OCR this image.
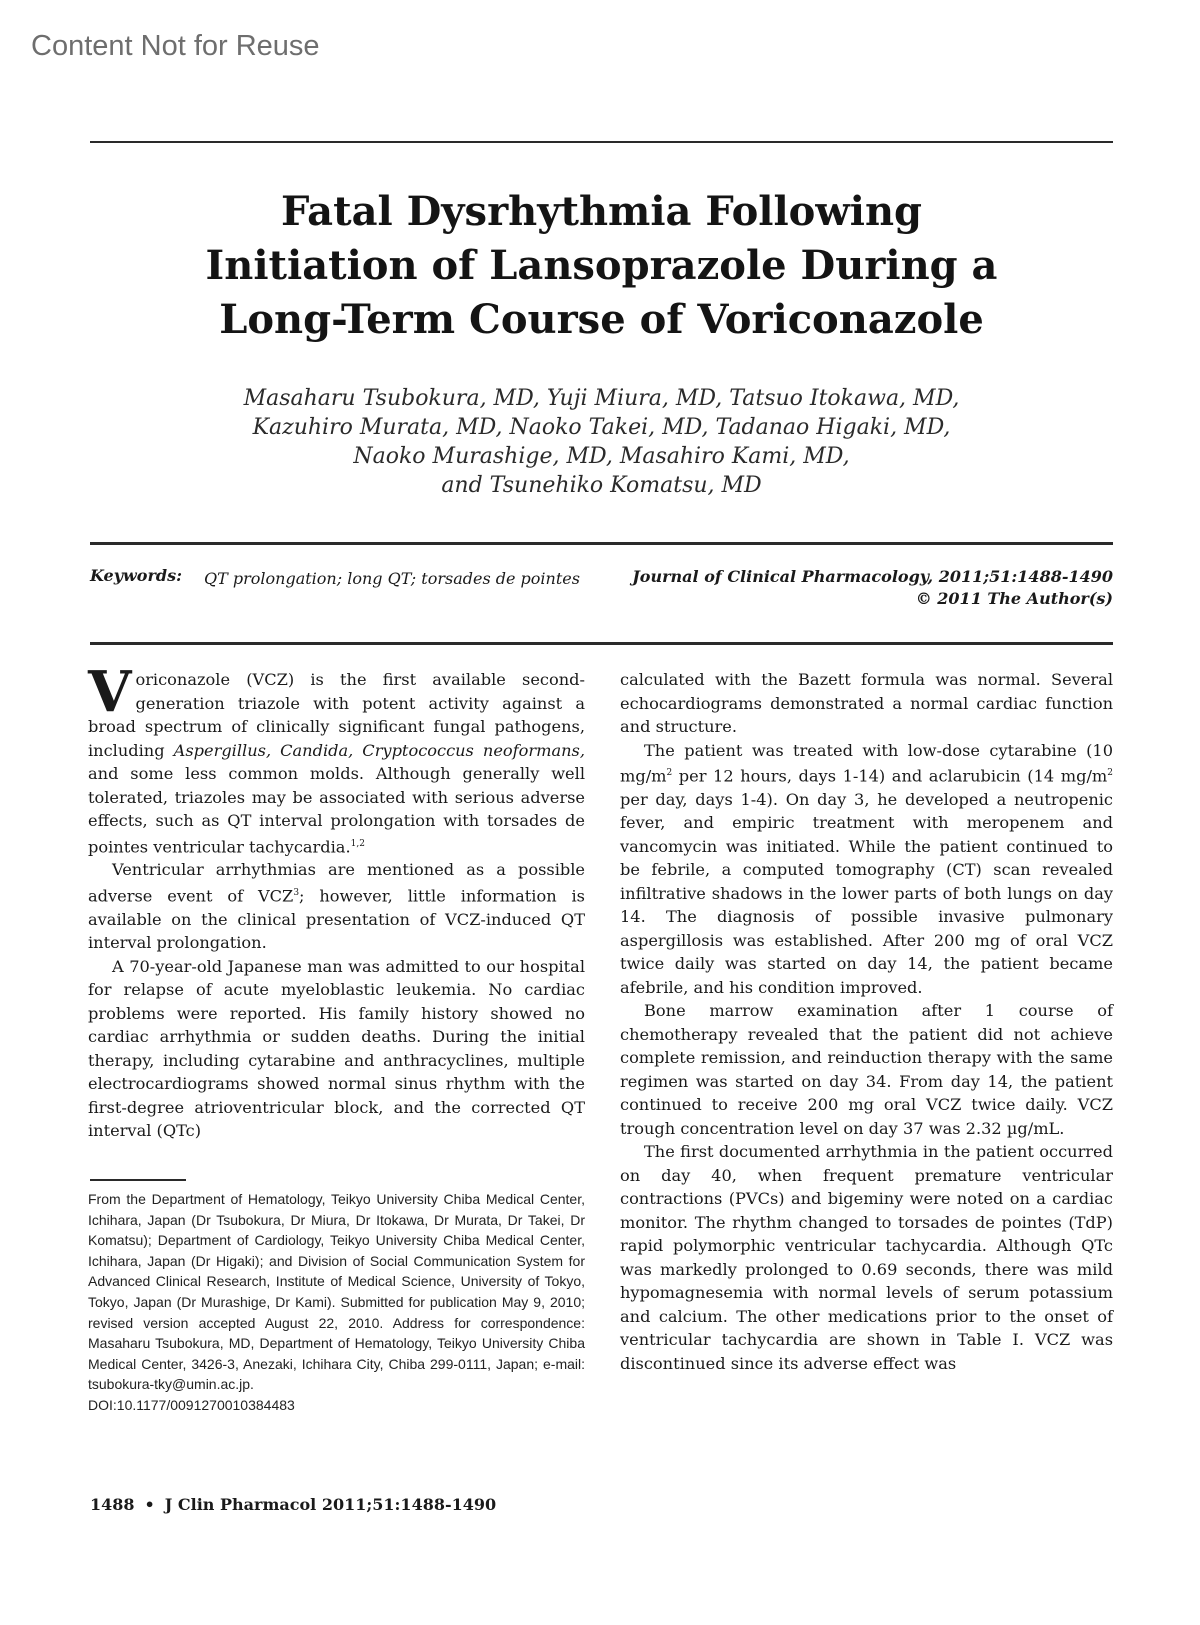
Content Not for Reuse
Fatal Dysrhythmia Following
Initiation of Lansoprazole During a
Long-Term Course of Voriconazole
Masaharu Tsubokura, MD, Yuji Miura, MD, Tatsuo Itokawa, MD,
Kazuhiro Murata, MD, Naoko Takei, MD, Tadanao Higaki, MD,
Naoko Murashige, MD, Masahiro Kami, MD,
and Tsunehiko Komatsu, MD
Keywords: QT prolongation; long QT; torsades de pointes	Journal of Clinical Pharmacology, 2011;51:1488-1490
© 2011 The Author(s)

Voriconazole (VCZ) is the first available second-generation triazole with potent activity against a broad spectrum of clinically significant fungal pathogens, including Aspergillus, Candida, Cryptococcus neoformans, and some less common molds. Although generally well tolerated, triazoles may be associated with serious adverse effects, such as QT interval prolongation with torsades de pointes ventricular tachycardia.$^{1,2}$

Ventricular arrhythmias are mentioned as a possible adverse event of VCZ$^3$; however, little information is available on the clinical presentation of VCZ-induced QT interval prolongation.

A 70-year-old Japanese man was admitted to our hospital for relapse of acute myeloblastic leukemia. No cardiac problems were reported. His family history showed no cardiac arrhythmia or sudden deaths. During the initial therapy, including cytarabine and anthracyclines, multiple electrocardiograms showed normal sinus rhythm with the first-degree atrioventricular block, and the corrected QT interval (QTc)

From the Department of Hematology, Teikyo University Chiba Medical Center, Ichihara, Japan (Dr Tsubokura, Dr Miura, Dr Itokawa, Dr Murata, Dr Takei, Dr Komatsu); Department of Cardiology, Teikyo University Chiba Medical Center, Ichihara, Japan (Dr Higaki); and Division of Social Communication System for Advanced Clinical Research, Institute of Medical Science, University of Tokyo, Tokyo, Japan (Dr Murashige, Dr Kami). Submitted for publication May 9, 2010; revised version accepted August 22, 2010. Address for correspondence: Masaharu Tsubokura, MD, Department of Hematology, Teikyo University Chiba Medical Center, 3426-3, Anezaki, Ichihara City, Chiba 299-0111, Japan; e-mail: tsubokura-tky@umin.ac.jp.
DOI:10.1177/0091270010384483

calculated with the Bazett formula was normal. Several echocardiograms demonstrated a normal cardiac function and structure.

The patient was treated with low-dose cytarabine (10 $mg/m^2$ per 12 hours, days 1-14) and aclarubicin (14 $mg/m^2$ per day, days 1-4). On day 3, he developed a neutropenic fever, and empiric treatment with meropenem and vancomycin was initiated. While the patient continued to be febrile, a computed tomography (CT) scan revealed infiltrative shadows in the lower parts of both lungs on day 14. The diagnosis of possible invasive pulmonary aspergillosis was established. After 200 mg of oral VCZ twice daily was started on day 14, the patient became afebrile, and his condition improved.

Bone marrow examination after 1 course of chemotherapy revealed that the patient did not achieve complete remission, and reinduction therapy with the same regimen was started on day 34. From day 14, the patient continued to receive 200 mg oral VCZ twice daily. VCZ trough concentration level on day 37 was 2.32 µg/mL.

The first documented arrhythmia in the patient occurred on day 40, when frequent premature ventricular contractions (PVCs) and bigeminy were noted on a cardiac monitor. The rhythm changed to torsades de pointes (TdP) rapid polymorphic ventricular tachycardia. Although QTc was markedly prolonged to 0.69 seconds, there was mild hypomagnesemia with normal levels of serum potassium and calcium. The other medications prior to the onset of ventricular tachycardia are shown in Table I. VCZ was discontinued since its adverse effect was

1488 • J Clin Pharmacol 2011;51:1488-1490
